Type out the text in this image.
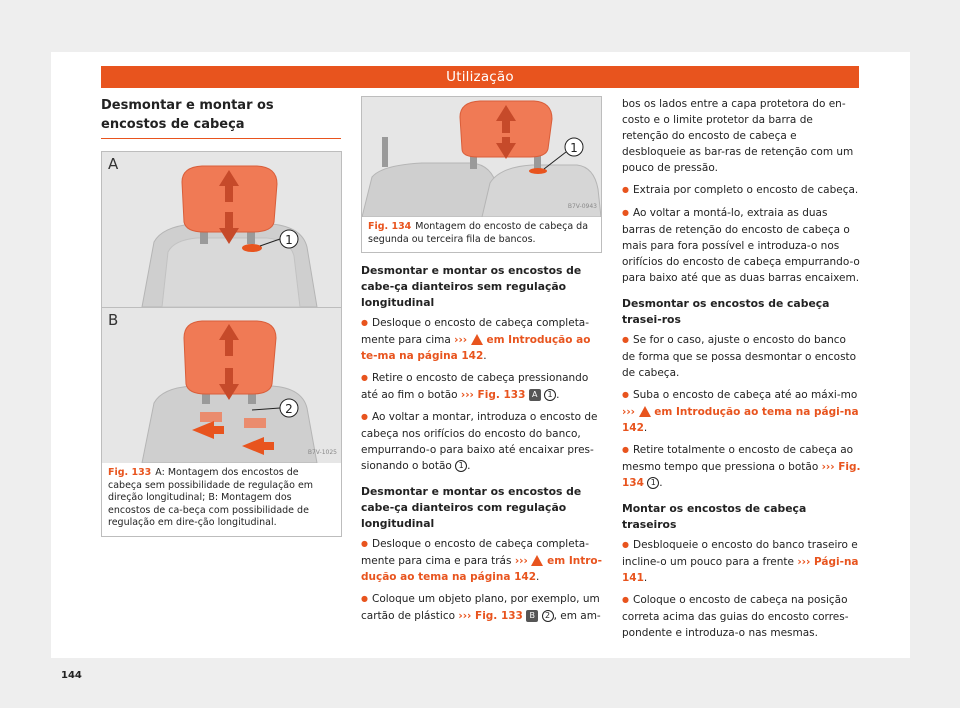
Utilização
Desmontar e montar os encostos de cabeça
A
1
B
2
B7V-1025
Fig. 133 A: Montagem dos encostos de cabeça sem possibilidade de regulação em direção longitudinal; B: Montagem dos encostos de ca-beça com possibilidade de regulação em dire-ção longitudinal.
1
B7V-0943
Fig. 134 Montagem do encosto de cabeça da segunda ou terceira fila de bancos.
Desmontar e montar os encostos de cabe-ça dianteiros sem regulação longitudinal

● Desloque o encosto de cabeça completa-mente para cima ›››  em Introdução ao te-ma na página 142.

● Retire o encosto de cabeça pressionando até ao fim o botão ››› Fig. 133 A 1 .

● Ao voltar a montar, introduza o encosto de cabeça nos orifícios do encosto do banco, empurrando-o para baixo até encaixar pres-sionando o botão 1 .

Desmontar e montar os encostos de cabe-ça dianteiros com regulação longitudinal

● Desloque o encosto de cabeça completa-mente para cima e para trás ›››  em Intro-dução ao tema na página 142.

● Coloque um objeto plano, por exemplo, um cartão de plástico ››› Fig. 133 B 2 , em am-

bos os lados entre a capa protetora do en-costo e o limite protetor da barra de retenção do encosto de cabeça e desbloqueie as bar-ras de retenção com um pouco de pressão.

● Extraia por completo o encosto de cabeça.

● Ao voltar a montá-lo, extraia as duas barras de retenção do encosto de cabeça o mais para fora possível e introduza-o nos orifícios do encosto de cabeça empurrando-o para baixo até que as duas barras encaixem.

Desmontar os encostos de cabeça trasei-ros

● Se for o caso, ajuste o encosto do banco de forma que se possa desmontar o encosto de cabeça.

● Suba o encosto de cabeça até ao máxi-mo ›››  em Introdução ao tema na pági-na 142.

● Retire totalmente o encosto de cabeça ao mesmo tempo que pressiona o botão ››› Fig. 134 1 .

Montar os encostos de cabeça traseiros

● Desbloqueie o encosto do banco traseiro e incline-o um pouco para a frente ››› Pági-na 141.

● Coloque o encosto de cabeça na posição correta acima das guias do encosto corres-pondente e introduza-o nas mesmas.

144
